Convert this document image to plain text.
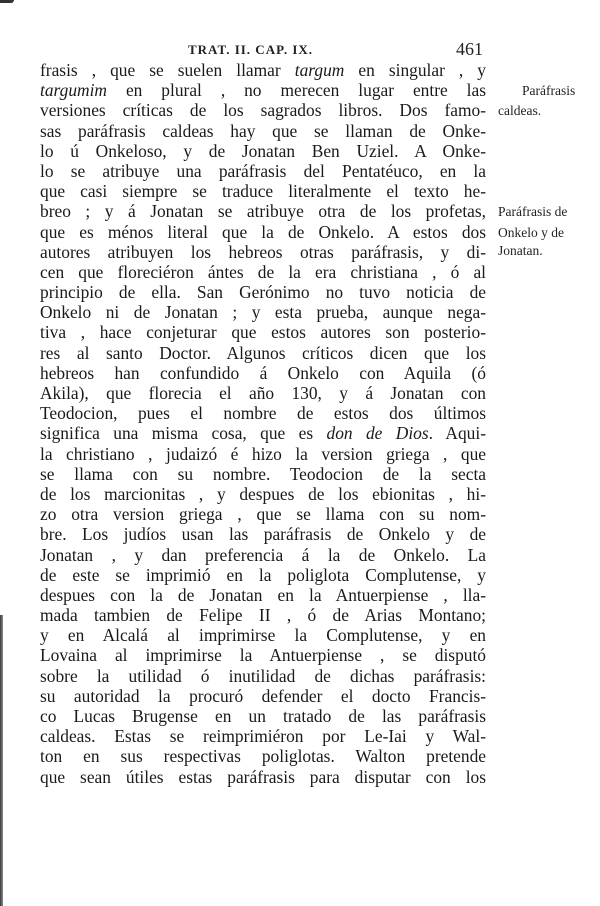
TRAT. II. CAP. IX.	461
frasis , que se suelen llamar targum en singular , y
targumim en plural , no merecen lugar entre las
versiones críticas de los sagrados libros. Dos famo-
sas paráfrasis caldeas hay que se llaman de Onke-
lo ú Onkeloso, y de Jonatan Ben Uziel. A Onke-
lo se atribuye una paráfrasis del Pentatéuco, en la
que casi siempre se traduce literalmente el texto he-
breo ; y á Jonatan se atribuye otra de los profetas,
que es ménos literal que la de Onkelo. A estos dos
autores atribuyen los hebreos otras paráfrasis, y di-
cen que floreciéron ántes de la era christiana , ó al
principio de ella. San Gerónimo no tuvo noticia de
Onkelo ni de Jonatan ; y esta prueba, aunque nega-
tiva , hace conjeturar que estos autores son posterio-
res al santo Doctor. Algunos críticos dicen que los
hebreos han confundido á Onkelo con Aquila (ó
Akila), que florecia el año 130, y á Jonatan con
Teodocion, pues el nombre de estos dos últimos
significa una misma cosa, que es don de Dios. Aqui-
la christiano , judaizó é hizo la version griega , que
se llama con su nombre. Teodocion de la secta
de los marcionitas , y despues de los ebionitas , hi-
zo otra version griega , que se llama con su nom-
bre. Los judíos usan las paráfrasis de Onkelo y de
Jonatan , y dan preferencia á la de Onkelo. La
de este se imprimió en la poliglota Complutense, y
despues con la de Jonatan en la Antuerpiense , lla-
mada tambien de Felipe II , ó de Arias Montano;
y en Alcalá al imprimirse la Complutense, y en
Lovaina al imprimirse la Antuerpiense , se disputó
sobre la utilidad ó inutilidad de dichas paráfrasis:
su autoridad la procuró defender el docto Francis-
co Lucas Brugense en un tratado de las paráfrasis
caldeas. Estas se reimprimiéron por Le-Iai y Wal-
ton en sus respectivas poliglotas. Walton pretende
que sean útiles estas paráfrasis para disputar con los
Paráfrasis
caldeas.
Paráfrasis de
Onkelo y de
Jonatan.
